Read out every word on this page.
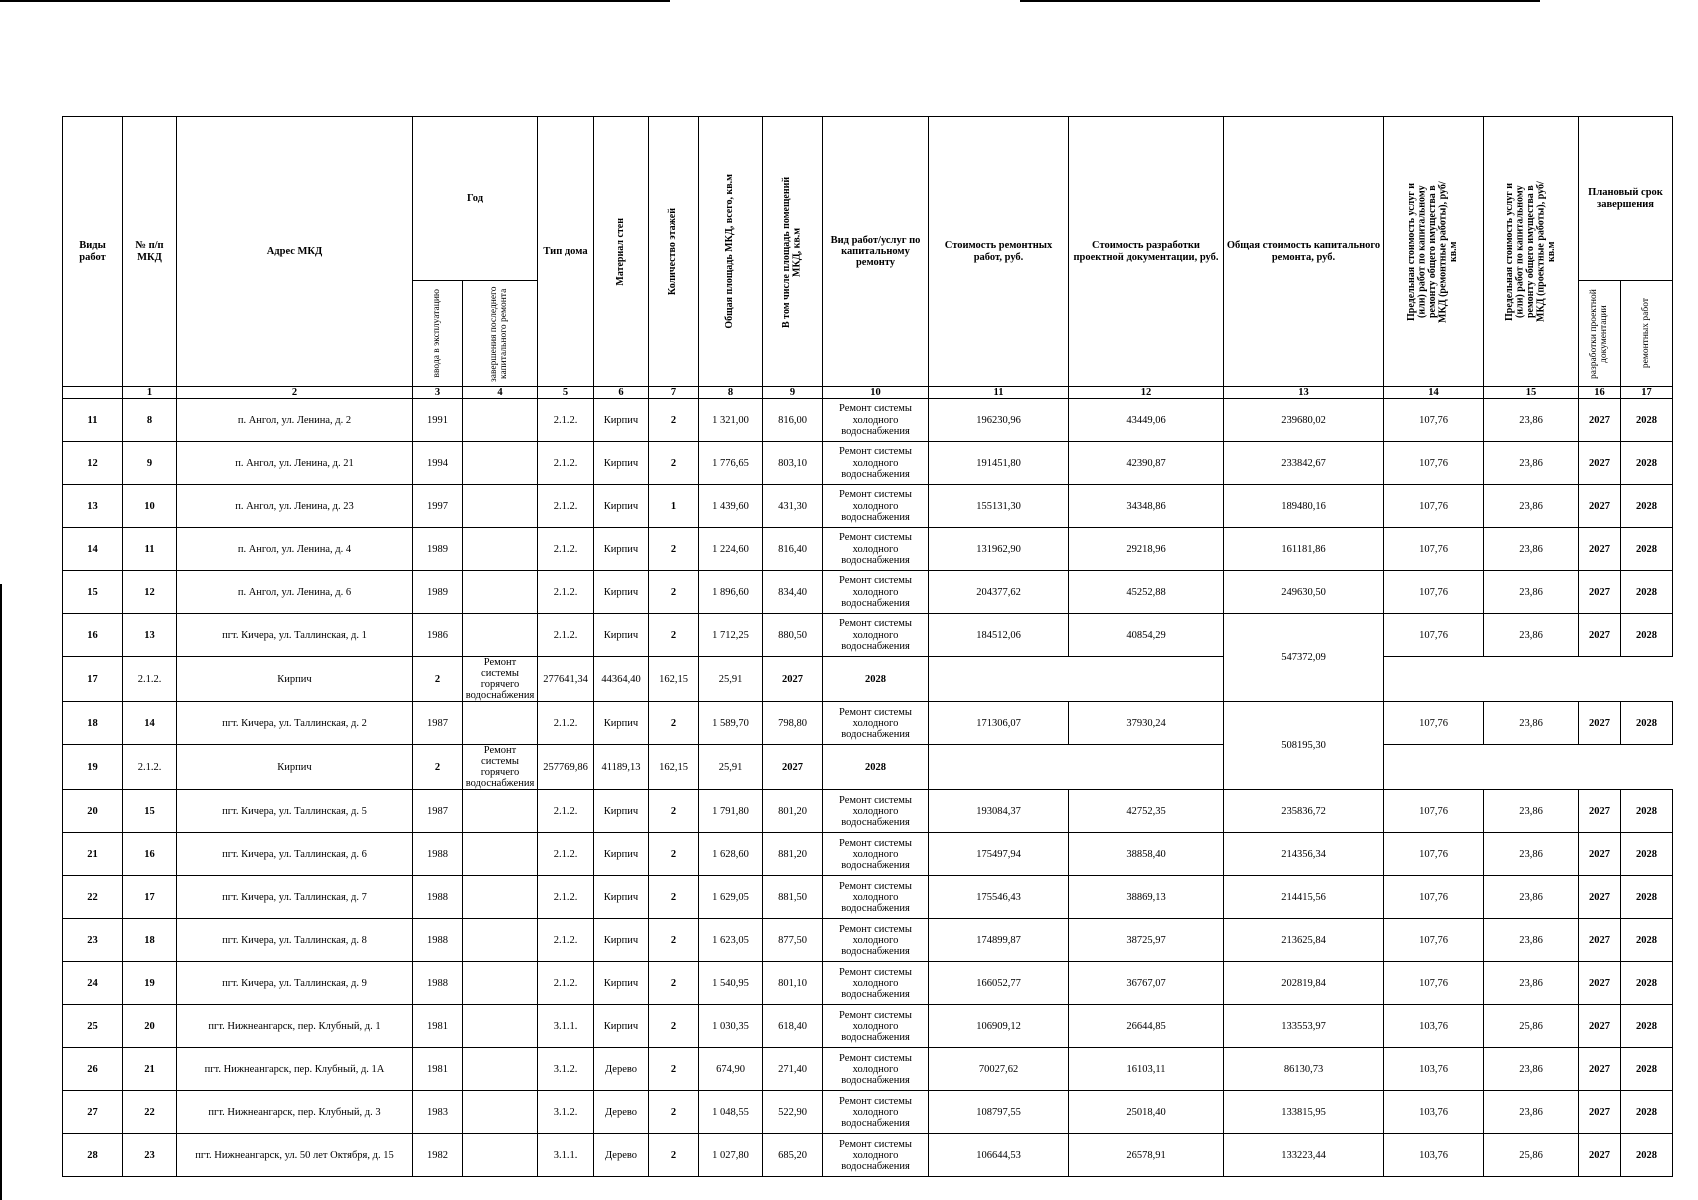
Виды работ	№ п/п МКД	Адрес МКД	Год		Тип дома	Материал стен	Количество этажей	Общая площадь МКД, всего, кв.м	В том числе площадь помещений МКД, кв.м	Вид работ/услуг по капитальному ремонту	Стоимость ремонтных работ, руб.	Стоимость разработки проектной документации, руб.	Общая стоимость капитального ремонта, руб.	Предельная стоимость услуг и (или) работ по капитальному ремонту общего имущества в МКД (ремонтные работы), руб/кв.м	Предельная стоимость услуг и (или) работ по капитальному ремонту общего имущества в МКД (проектные работы), руб/кв.м	Плановый срок завершения	

			ввода в эксплуатацию	завершения последнего капитального ремонта												разработки проектной документации	ремонтных работ

	1	2	3	4	5	6	7	8	9	10	11	12	13	14	15	16	17
11	8	п. Ангол, ул. Ленина, д. 2	1991		2.1.2.	Кирпич	2	1 321,00	816,00	Ремонт системы холодного водоснабжения	196230,96	43449,06	239680,02	107,76	23,86	2027	2028
12	9	п. Ангол, ул. Ленина, д. 21	1994		2.1.2.	Кирпич	2	1 776,65	803,10	Ремонт системы холодного водоснабжения	191451,80	42390,87	233842,67	107,76	23,86	2027	2028
13	10	п. Ангол, ул. Ленина, д. 23	1997		2.1.2.	Кирпич	1	1 439,60	431,30	Ремонт системы холодного водоснабжения	155131,30	34348,86	189480,16	107,76	23,86	2027	2028
14	11	п. Ангол, ул. Ленина, д. 4	1989		2.1.2.	Кирпич	2	1 224,60	816,40	Ремонт системы холодного водоснабжения	131962,90	29218,96	161181,86	107,76	23,86	2027	2028
15	12	п. Ангол, ул. Ленина, д. 6	1989		2.1.2.	Кирпич	2	1 896,60	834,40	Ремонт системы холодного водоснабжения	204377,62	45252,88	249630,50	107,76	23,86	2027	2028
16	13	пгт. Кичера, ул. Таллинская, д. 1	1986		2.1.2.	Кирпич	2	1 712,25	880,50	Ремонт системы холодного водоснабжения	184512,06	40854,29	547372,09	107,76	23,86	2027	2028
17	2.1.2.	Кирпич	2	Ремонт системы горячего водоснабжения	277641,34	44364,40	162,15	25,91	2027	2028							
18	14	пгт. Кичера, ул. Таллинская, д. 2	1987		2.1.2.	Кирпич	2	1 589,70	798,80	Ремонт системы холодного водоснабжения	171306,07	37930,24	508195,30	107,76	23,86	2027	2028
19	2.1.2.	Кирпич	2	Ремонт системы горячего водоснабжения	257769,86	41189,13	162,15	25,91	2027	2028							
20	15	пгт. Кичера, ул. Таллинская, д. 5	1987		2.1.2.	Кирпич	2	1 791,80	801,20	Ремонт системы холодного водоснабжения	193084,37	42752,35	235836,72	107,76	23,86	2027	2028
21	16	пгт. Кичера, ул. Таллинская, д. 6	1988		2.1.2.	Кирпич	2	1 628,60	881,20	Ремонт системы холодного водоснабжения	175497,94	38858,40	214356,34	107,76	23,86	2027	2028
22	17	пгт. Кичера, ул. Таллинская, д. 7	1988		2.1.2.	Кирпич	2	1 629,05	881,50	Ремонт системы холодного водоснабжения	175546,43	38869,13	214415,56	107,76	23,86	2027	2028
23	18	пгт. Кичера, ул. Таллинская, д. 8	1988		2.1.2.	Кирпич	2	1 623,05	877,50	Ремонт системы холодного водоснабжения	174899,87	38725,97	213625,84	107,76	23,86	2027	2028
24	19	пгт. Кичера, ул. Таллинская, д. 9	1988		2.1.2.	Кирпич	2	1 540,95	801,10	Ремонт системы холодного водоснабжения	166052,77	36767,07	202819,84	107,76	23,86	2027	2028
25	20	пгт. Нижнеангарск, пер. Клубный, д. 1	1981		3.1.1.	Кирпич	2	1 030,35	618,40	Ремонт системы холодного водоснабжения	106909,12	26644,85	133553,97	103,76	25,86	2027	2028
26	21	пгт. Нижнеангарск, пер. Клубный, д. 1А	1981		3.1.2.	Дерево	2	674,90	271,40	Ремонт системы холодного водоснабжения	70027,62	16103,11	86130,73	103,76	23,86	2027	2028
27	22	пгт. Нижнеангарск, пер. Клубный, д. 3	1983		3.1.2.	Дерево	2	1 048,55	522,90	Ремонт системы холодного водоснабжения	108797,55	25018,40	133815,95	103,76	23,86	2027	2028
28	23	пгт. Нижнеангарск, ул. 50 лет Октября, д. 15	1982		3.1.1.	Дерево	2	1 027,80	685,20	Ремонт системы холодного водоснабжения	106644,53	26578,91	133223,44	103,76	25,86	2027	2028
